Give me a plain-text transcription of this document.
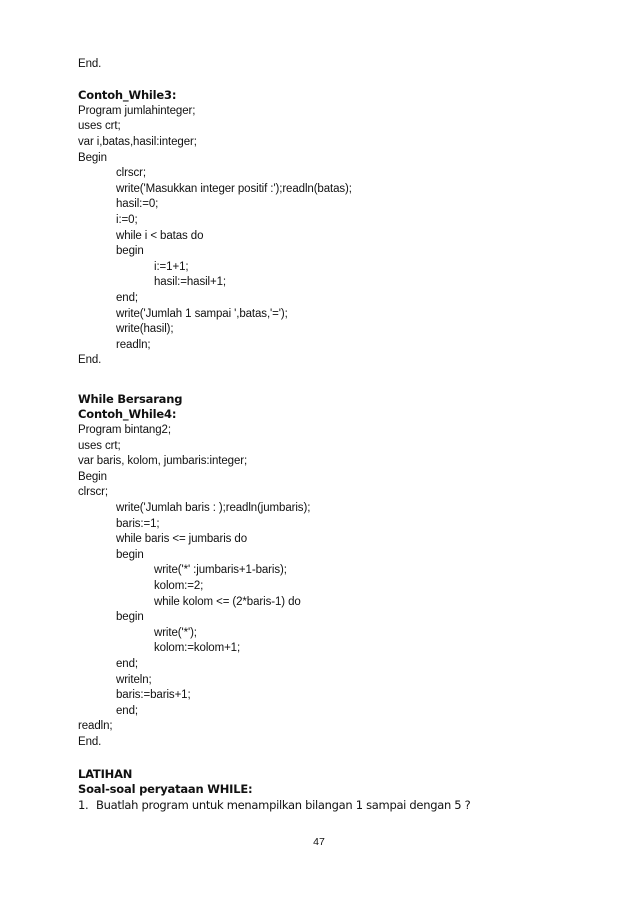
End.
Contoh_While3:
Program jumlahinteger;
uses crt;
var i,batas,hasil:integer;
Begin
clrscr;
write('Masukkan integer positif :');readln(batas);
hasil:=0;
i:=0;
while i < batas do
begin
i:=1+1;
hasil:=hasil+1;
end;
write('Jumlah 1 sampai ',batas,'=');
write(hasil);
readln;
End.
While Bersarang
Contoh_While4:
Program bintang2;
uses crt;
var baris, kolom, jumbaris:integer;
Begin
clrscr;
write('Jumlah baris : );readln(jumbaris);
baris:=1;
while baris <= jumbaris do
begin
write('*' :jumbaris+1-baris);
kolom:=2;
while kolom <= (2*baris-1) do
begin
write('*');
kolom:=kolom+1;
end;
writeln;
baris:=baris+1;
end;
readln;
End.
LATIHAN
Soal-soal peryataan WHILE:
1. Buatlah program untuk menampilkan bilangan 1 sampai dengan 5 ?
47
